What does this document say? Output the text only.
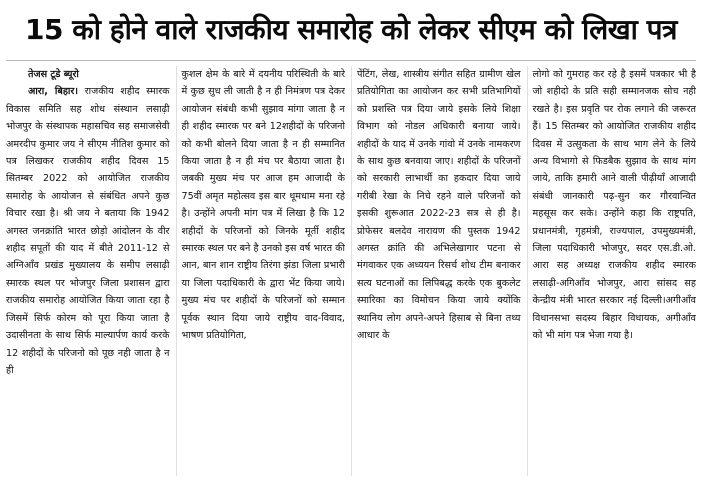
15 को होने वाले राजकीय समारोह को लेकर सीएम को लिखा पत्र
तेजस टूडे ब्यूरो

आरा, बिहार। राजकीय शहीद स्मारक विकास समिति सह शोध संस्थान लसाढ़ी भोजपुर के संस्थापक महासचिव सह समाजसेवी अमरदीप कुमार जय ने सीएम नीतिश कुमार को पत्र लिखकर राजकीय शहीद दिवस 15 सितम्बर 2022 को आयोजित राजकीय समारोह के आयोजन से संबंधित अपने कुछ विचार रखा है। श्री जय ने बताया कि 1942 अगस्त जनक्रांति भारत छोड़ो आंदोलन के वीर शहीद सपूतों की याद में बीते 2011-12 से अग्निआँव प्रखंड मुख्यालय के समीप लसाढ़ी स्मारक स्थल पर भोजपुर जिला प्रशासन द्वारा राजकीय समारोह आयोजित किया जाता रहा है जिसमें सिर्फ कोरम को पूरा किया जाता है उदासीनता के साथ सिर्फ माल्यार्पण कार्य करके 12 शहीदों के परिजनो को पूछ नही जाता है न ही

कुशल क्षेम के बारे में दयनीय परिस्थिती के बारे में कुछ सुध ली जाती है न ही निमंत्रण पत्र देकर आयोजन संबंधी कभी सुझाव मांगा जाता है न ही शहीद स्मारक पर बने 12शहीदों के परिजनो को कभी बोलने दिया जाता है न ही सम्मानित किया जाता है न ही मंच पर बैठाया जाता है। जबकी मुख्य मंच पर आज हम आजादी के 75वीं अमृत महोत्सव इस बार धूमधाम मना रहे है। उन्होंने अपनी मांग पत्र में लिखा है कि 12 शहीदों के परिजनों को जिनके मूर्ती शहीद स्मारक स्थल पर बने है उनको इस वर्ष भारत की आन, बान शान राष्ट्रीय तिरंगा झंडा जिला प्रभारी या जिला पदाधिकारी के द्वारा भेंट किया जाये। मुख्य मंच पर शहीदों के परिजनों को सम्मान पूर्वक स्थान दिया जाये राष्ट्रीय वाद-विवाद, भाषण प्रतियोगिता,

पेंटिंग, लेख, शास्त्रीय संगीत सहित ग्रामीण खेल प्रतियोगिता का आयोजन कर सभी प्रतिभागियों को प्रशस्ति पत्र दिया जाये इसके लिये शिक्षा विभाग को नोडल अधिकारी बनाया जाये। शहीदों के याद में उनके गांवो में उनके नामकरण के साथ कुछ बनवाया जाए। शहीदों के परिजनों को सरकारी लाभार्थी का हकदार दिया जाये गरीबी रेखा के निचे रहने वाले परिजनों को इसकी शुरूआत 2022-23 सत्र से ही है। प्रोफेसर बलदेव नारायण की पुस्तक 1942 अगस्त क्रांति की अभिलेखागार पटना से मंगवाकर एक अध्ययन रिसर्च शोध टीम बनाकर सत्य घटनाओं का लिपिबद्ध करके एक बुकलेट स्मारिका का विमोचन किया जाये क्योंकि स्थानिय लोग अपने-अपने हिसाब से बिना तथ्य आधार के

लोगो को गुमराह कर रहे है इसमें पत्रकार भी है जो शहीदो के प्रति सही सम्मानजक सोच नही रखते है। इस प्रवृति पर रोक लगाने की जरूरत हैं। 15 सितम्बर को आयोजित राजकीय शहीद दिवस में उत्सुकता के साथ भाग लेने के लिये अन्य विभागो से फिडबैक सुझाव के साथ मांग जाये, ताकि हमारी आने वाली पीढ़ीयाँ आजादी संबंधी जानकारी पढ़-सुन कर गौरवान्वित महसूस कर सके। उन्होंने कहा कि राष्ट्रपति, प्रधानमंत्री, गृहमंत्री, राज्यपाल, उपमुख्यमंत्री, जिला पदाधिकारी भोजपुर, सदर एस.डी.ओ. आरा सह अध्यक्ष राजकीय शहीद स्मारक लसाढ़ी-अगिआँव भोजपुर, आरा सांसद सह केन्द्रीय मंत्री भारत सरकार नई दिल्ली।अगीआँव विधानसभा सदस्य बिहार विधायक, अगीआँव को भी मांग पत्र भेजा गया है।
